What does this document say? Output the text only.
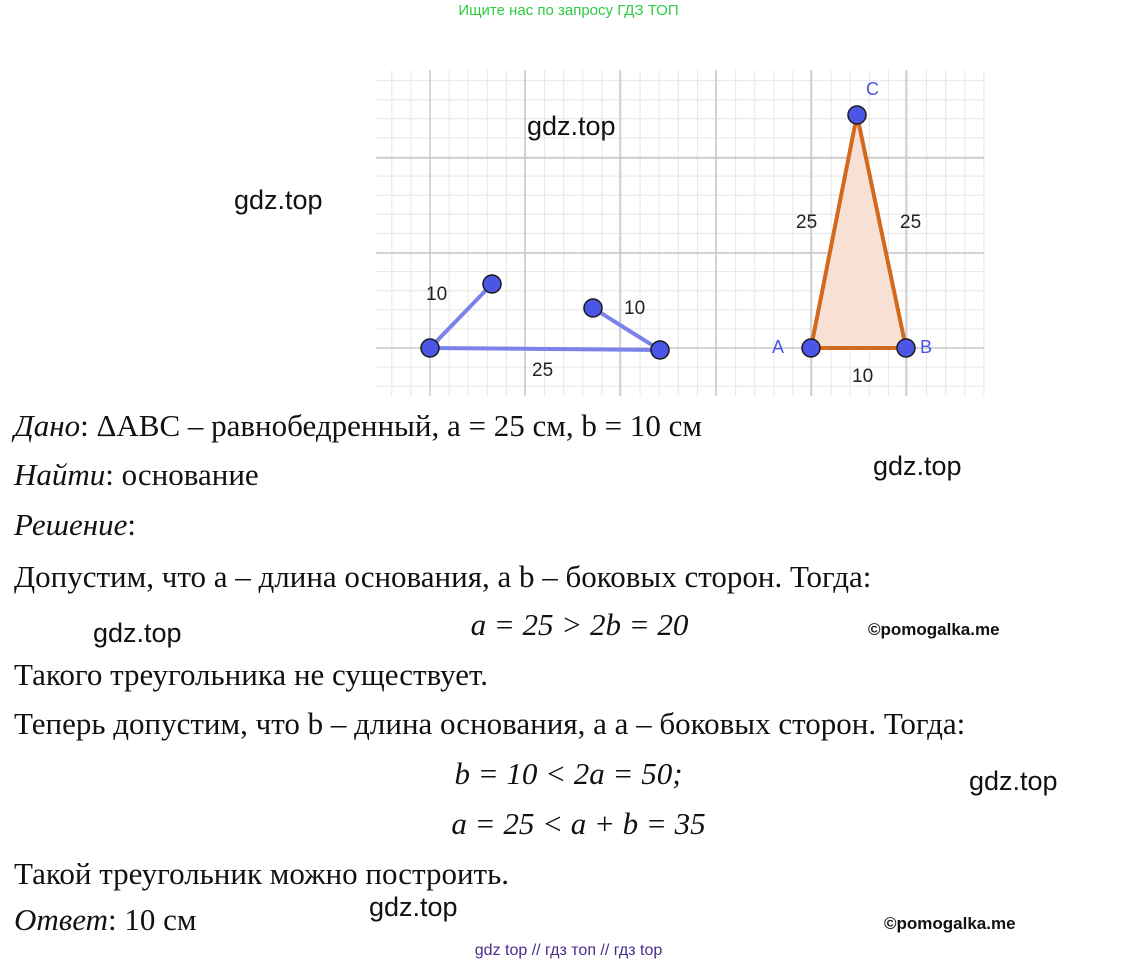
Ищите нас по запросу ГДЗ ТОП
10
10
25
A	B
C
25	25
10
gdz.top
gdz.top
gdz.top
gdz.top
gdz.top
gdz.top
©pomogalka.me
©pomogalka.me
Дано: ΔABC – равнобедренный, a = 25 см, b = 10 см
Найти: основание
Решение:
Допустим, что a – длина основания, а b – боковых сторон. Тогда:
a = 25 > 2b = 20
Такого треугольника не существует.
Теперь допустим, что b – длина основания, а a – боковых сторон. Тогда:
b = 10 < 2a = 50;
a = 25 < a + b = 35
Такой треугольник можно построить.
Ответ: 10 см
gdz top // гдз топ // гдз top
